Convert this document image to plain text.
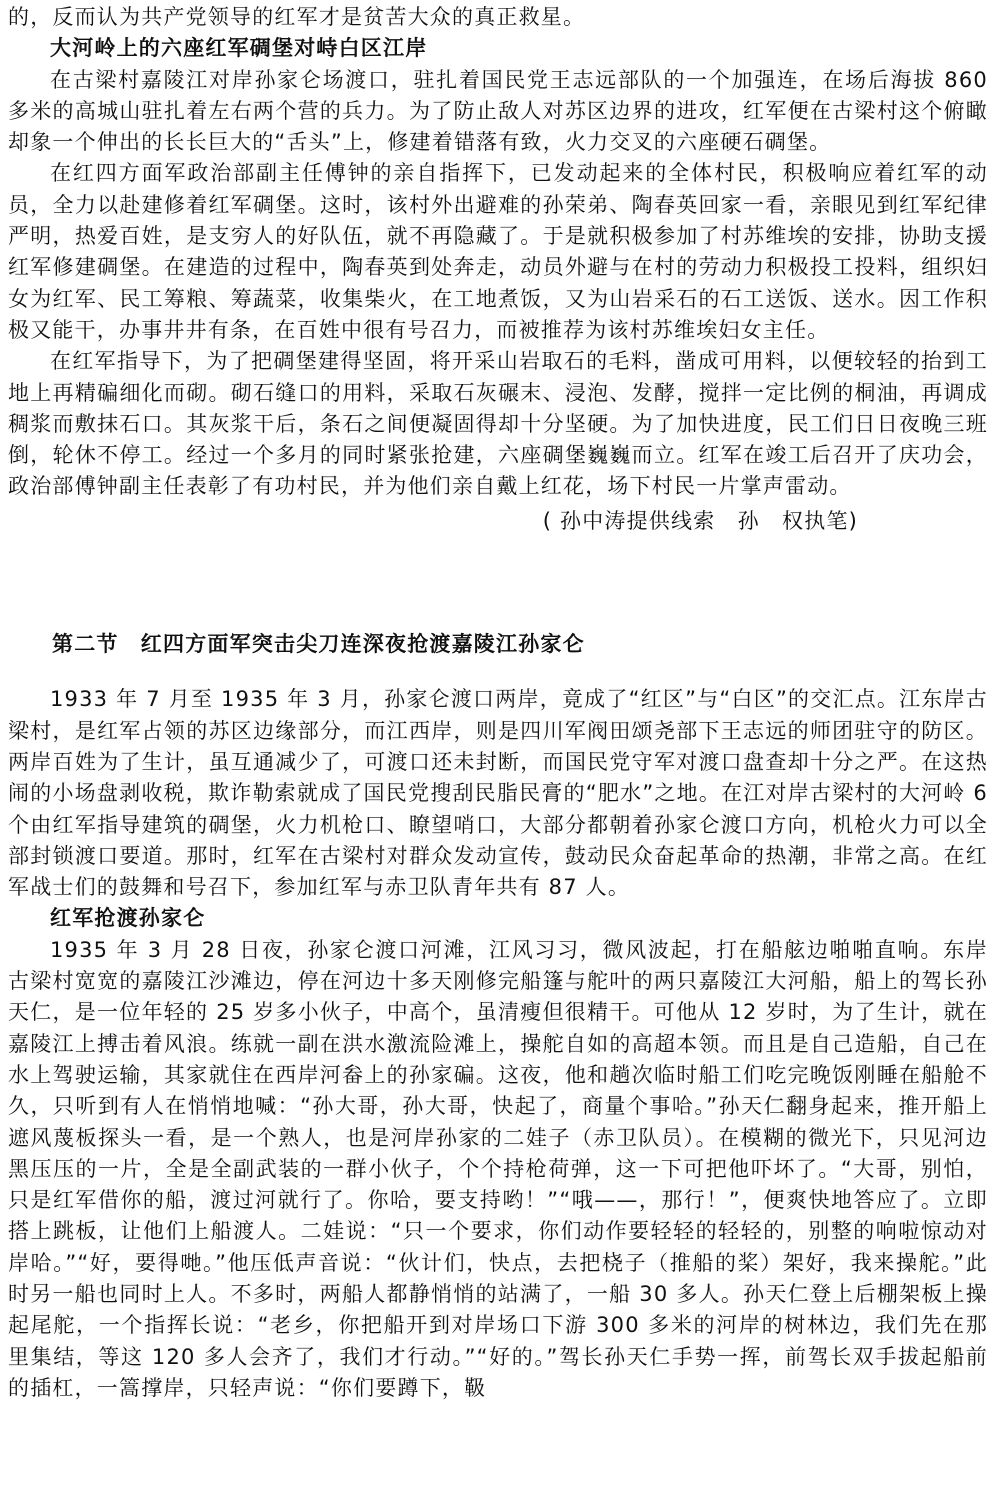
的，反而认为共产党领导的红军才是贫苦大众的真正救星。

大河岭上的六座红军碉堡对峙白区江岸

在古梁村嘉陵江对岸孙家仑场渡口，驻扎着国民党王志远部队的一个加强连，在场后海拔 860 多米的高城山驻扎着左右两个营的兵力。为了防止敌人对苏区边界的进攻，红军便在古梁村这个俯瞰却象一个伸出的长长巨大的“舌头”上，修建着错落有致，火力交叉的六座硬石碉堡。

在红四方面军政治部副主任傅钟的亲自指挥下，已发动起来的全体村民，积极响应着红军的动员，全力以赴建修着红军碉堡。这时，该村外出避难的孙荣弟、陶春英回家一看，亲眼见到红军纪律严明，热爱百姓，是支穷人的好队伍，就不再隐藏了。于是就积极参加了村苏维埃的安排，协助支援红军修建碉堡。在建造的过程中，陶春英到处奔走，动员外避与在村的劳动力积极投工投料，组织妇女为红军、民工筹粮、筹蔬菜，收集柴火，在工地煮饭，又为山岩采石的石工送饭、送水。因工作积极又能干，办事井井有条，在百姓中很有号召力，而被推荐为该村苏维埃妇女主任。

在红军指导下，为了把碉堡建得坚固，将开采山岩取石的毛料，凿成可用料，以便较轻的抬到工地上再精碥细化而砌。砌石缝口的用料，采取石灰碾末、浸泡、发酵，搅拌一定比例的桐油，再调成稠浆而敷抹石口。其灰浆干后，条石之间便凝固得却十分坚硬。为了加快进度，民工们日日夜晚三班倒，轮休不停工。经过一个多月的同时紧张抢建，六座碉堡巍巍而立。红军在竣工后召开了庆功会，政治部傅钟副主任表彰了有功村民，并为他们亲自戴上红花，场下村民一片掌声雷动。

( 孙中涛提供线索　孙　权执笔)

第二节　红四方面军突击尖刀连深夜抢渡嘉陵江孙家仑

1933 年 7 月至 1935 年 3 月，孙家仑渡口两岸，竟成了“红区”与“白区”的交汇点。江东岸古梁村，是红军占领的苏区边缘部分，而江西岸，则是四川军阀田颂尧部下王志远的师团驻守的防区。两岸百姓为了生计，虽互通减少了，可渡口还未封断，而国民党守军对渡口盘查却十分之严。在这热闹的小场盘剥收税，欺诈勒索就成了国民党搜刮民脂民膏的“肥水”之地。在江对岸古梁村的大河岭 6 个由红军指导建筑的碉堡，火力机枪口、瞭望哨口，大部分都朝着孙家仑渡口方向，机枪火力可以全部封锁渡口要道。那时，红军在古梁村对群众发动宣传，鼓动民众奋起革命的热潮，非常之高。在红军战士们的鼓舞和号召下，参加红军与赤卫队青年共有 87 人。

红军抢渡孙家仑

1935 年 3 月 28 日夜，孙家仑渡口河滩，江风习习，微风波起，打在船舷边啪啪直响。东岸古梁村宽宽的嘉陵江沙滩边，停在河边十多天刚修完船篷与舵叶的两只嘉陵江大河船，船上的驾长孙天仁，是一位年轻的 25 岁多小伙子，中高个，虽清瘦但很精干。可他从 12 岁时，为了生计，就在嘉陵江上搏击着风浪。练就一副在洪水激流险滩上，操舵自如的高超本领。而且是自己造船，自己在水上驾驶运输，其家就住在西岸河畚上的孙家碥。这夜，他和趟次临时船工们吃完晚饭刚睡在船舱不久，只听到有人在悄悄地喊：“孙大哥，孙大哥，快起了，商量个事哈。”孙天仁翻身起来，推开船上遮风蔑板探头一看，是一个熟人，也是河岸孙家的二娃子（赤卫队员）。在模糊的微光下，只见河边黑压压的一片，全是全副武装的一群小伙子，个个持枪荷弹，这一下可把他吓坏了。“大哥，别怕，只是红军借你的船，渡过河就行了。你哈，要支持哟！”“哦——，那行！”，便爽快地答应了。立即搭上跳板，让他们上船渡人。二娃说：“只一个要求，你们动作要轻轻的轻轻的，别整的响啦惊动对岸哈。”“好，要得哋。”他压低声音说：“伙计们，快点，去把桡子（推船的桨）架好，我来操舵。”此时另一船也同时上人。不多时，两船人都静悄悄的站满了，一船 30 多人。孙天仁登上后棚架板上操起尾舵，一个指挥长说：“老乡，你把船开到对岸场口下游 300 多米的河岸的树林边，我们先在那里集结，等这 120 多人会齐了，我们才行动。”“好的。”驾长孙天仁手势一挥，前驾长双手拔起船前的插杠，一篙撑岸，只轻声说：“你们要蹲下，靸
